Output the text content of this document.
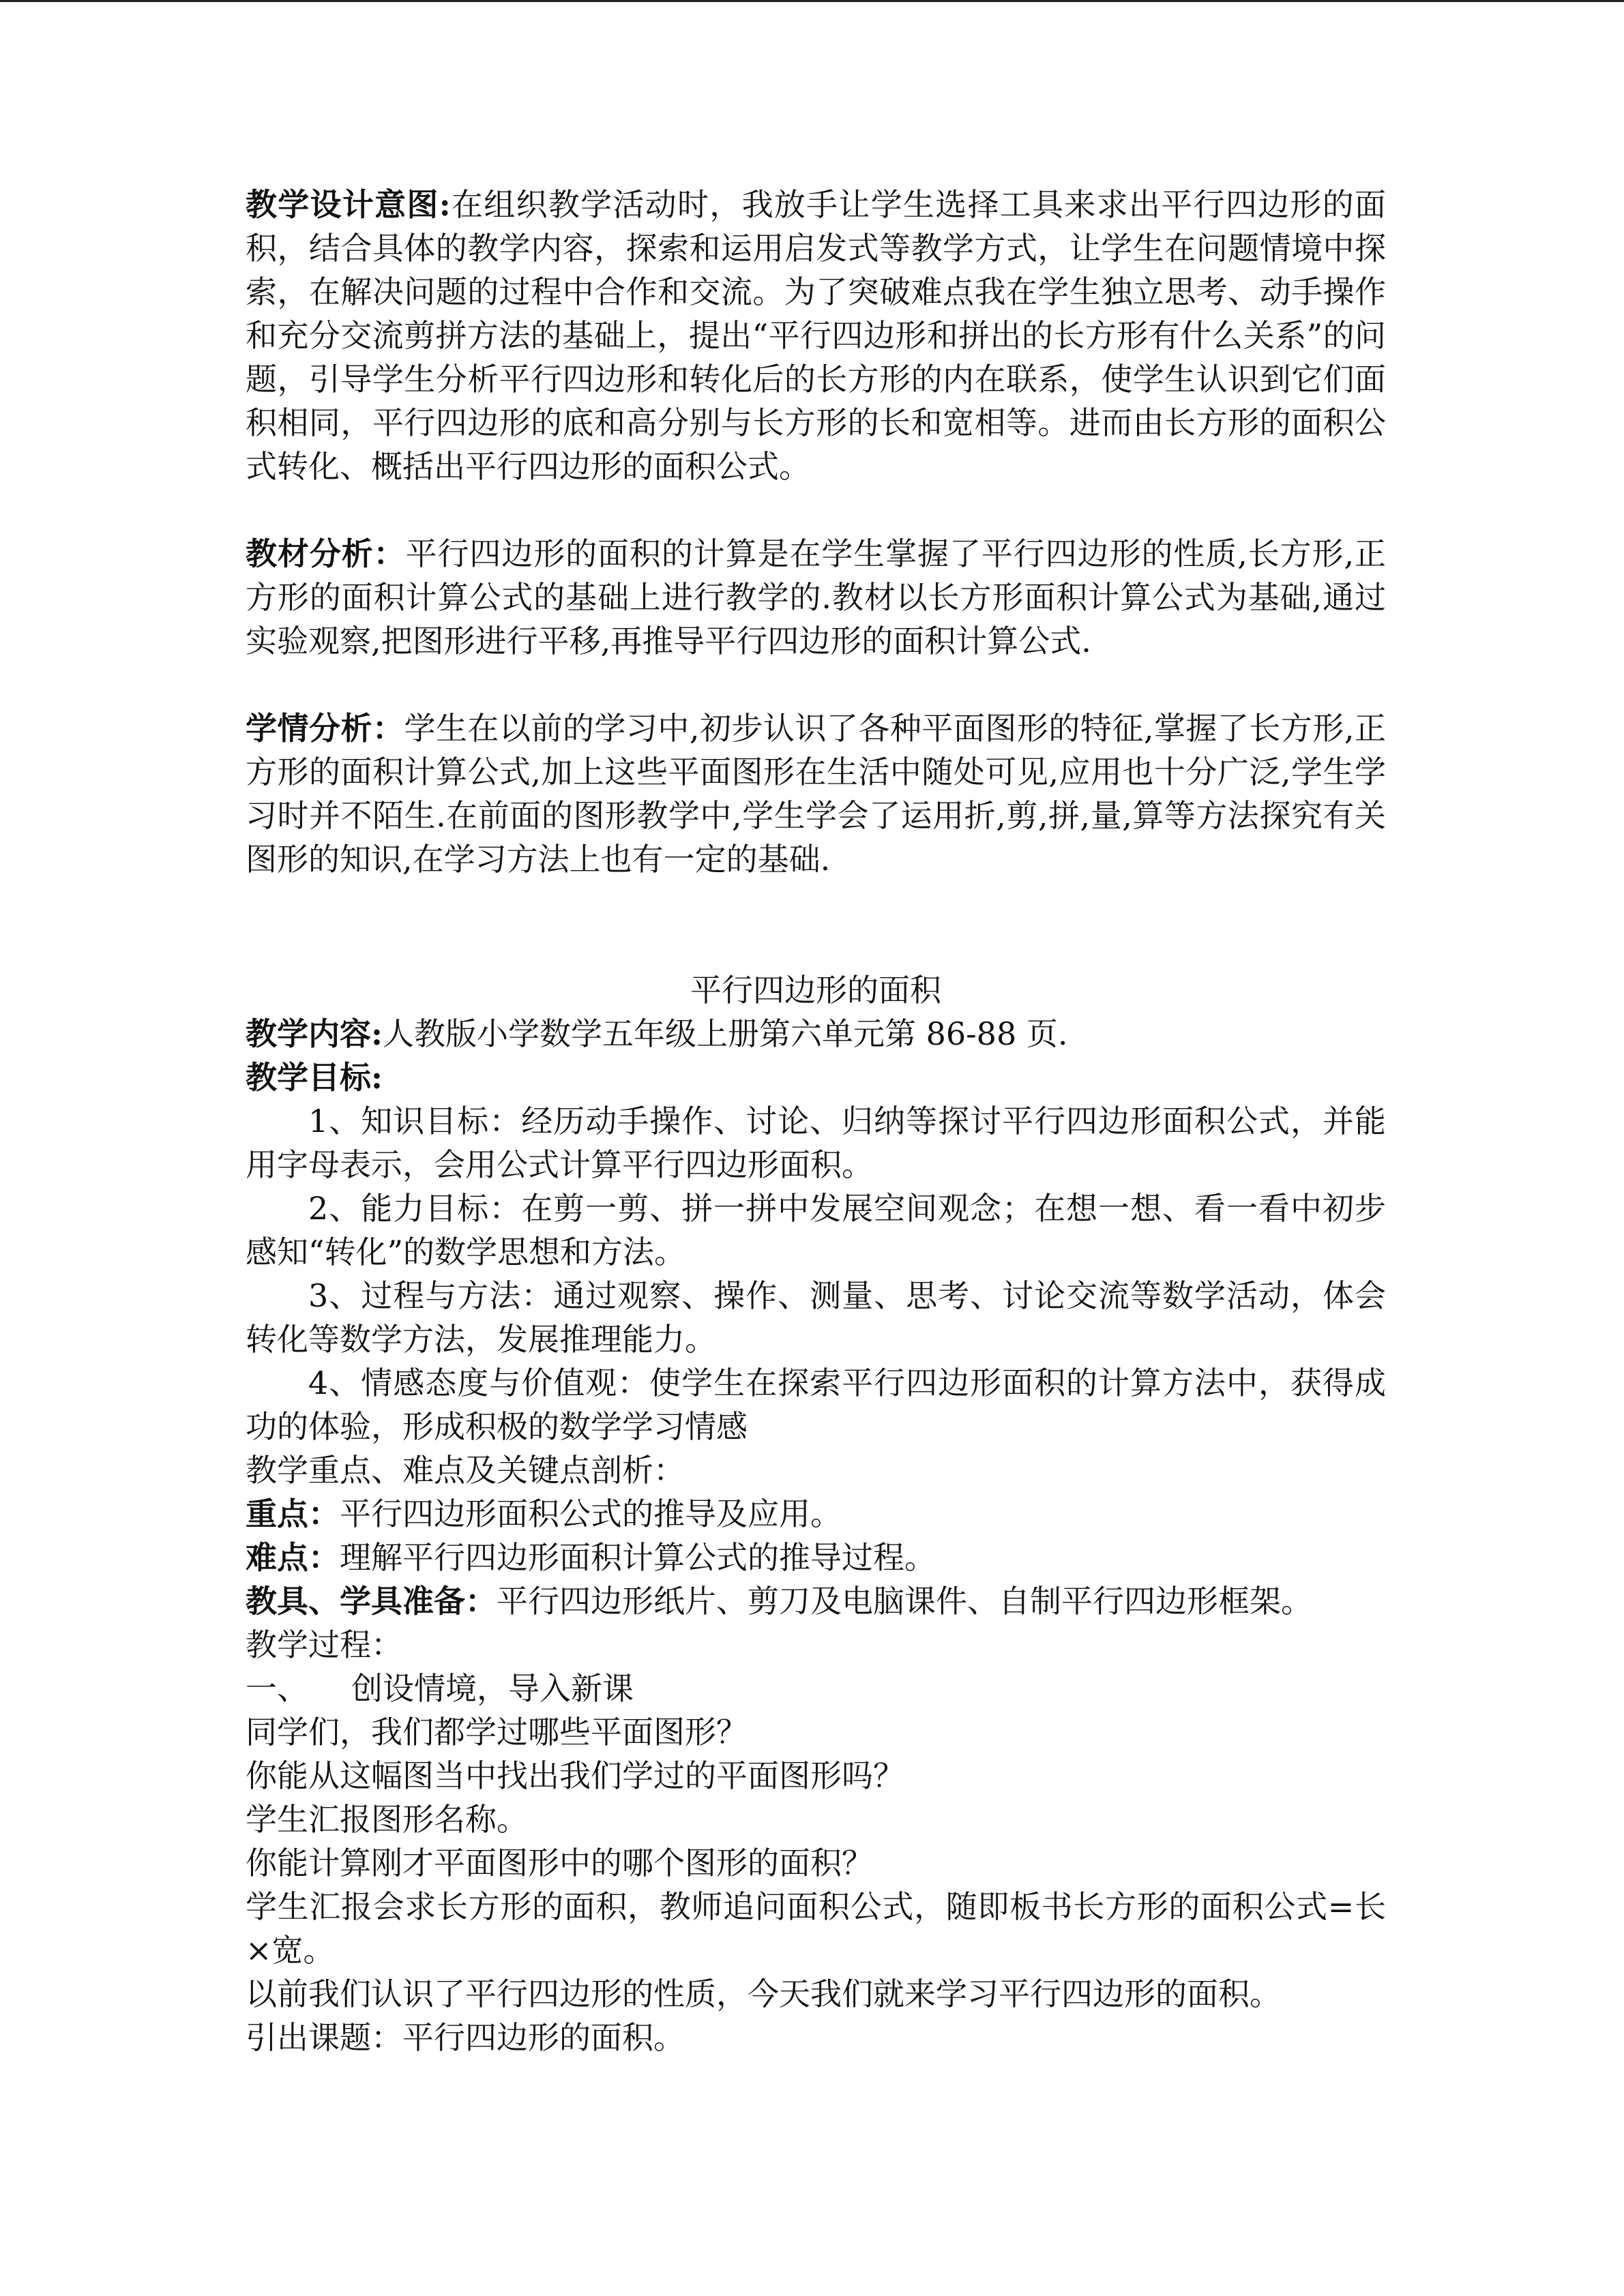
教学设计意图:在组织教学活动时，我放手让学生选择工具来求出平行四边形的面积，结合具体的教学内容，探索和运用启发式等教学方式，让学生在问题情境中探索，在解决问题的过程中合作和交流。为了突破难点我在学生独立思考、动手操作和充分交流剪拼方法的基础上，提出“平行四边形和拼出的长方形有什么关系”的问题，引导学生分析平行四边形和转化后的长方形的内在联系，使学生认识到它们面积相同，平行四边形的底和高分别与长方形的长和宽相等。进而由长方形的面积公式转化、概括出平行四边形的面积公式。

教材分析：平行四边形的面积的计算是在学生掌握了平行四边形的性质,长方形,正方形的面积计算公式的基础上进行教学的.教材以长方形面积计算公式为基础,通过实验观察,把图形进行平移,再推导平行四边形的面积计算公式.

学情分析：学生在以前的学习中,初步认识了各种平面图形的特征,掌握了长方形,正方形的面积计算公式,加上这些平面图形在生活中随处可见,应用也十分广泛,学生学习时并不陌生.在前面的图形教学中,学生学会了运用折,剪,拼,量,算等方法探究有关图形的知识,在学习方法上也有一定的基础.

平行四边形的面积

教学内容:人教版小学数学五年级上册第六单元第 86-88 页.

教学目标:

1、知识目标：经历动手操作、讨论、归纳等探讨平行四边形面积公式，并能用字母表示，会用公式计算平行四边形面积。

2、能力目标：在剪一剪、拼一拼中发展空间观念；在想一想、看一看中初步感知“转化”的数学思想和方法。

3、过程与方法：通过观察、操作、测量、思考、讨论交流等数学活动，体会转化等数学方法，发展推理能力。

4、情感态度与价值观：使学生在探索平行四边形面积的计算方法中，获得成功的体验，形成积极的数学学习情感

教学重点、难点及关键点剖析：

重点：平行四边形面积公式的推导及应用。

难点：理解平行四边形面积计算公式的推导过程。

教具、学具准备：平行四边形纸片、剪刀及电脑课件、自制平行四边形框架。

教学过程：

一、 创设情境，导入新课

同学们，我们都学过哪些平面图形？

你能从这幅图当中找出我们学过的平面图形吗？

学生汇报图形名称。

你能计算刚才平面图形中的哪个图形的面积？

学生汇报会求长方形的面积，教师追问面积公式，随即板书长方形的面积公式=长×宽。

以前我们认识了平行四边形的性质，今天我们就来学习平行四边形的面积。

引出课题：平行四边形的面积。
